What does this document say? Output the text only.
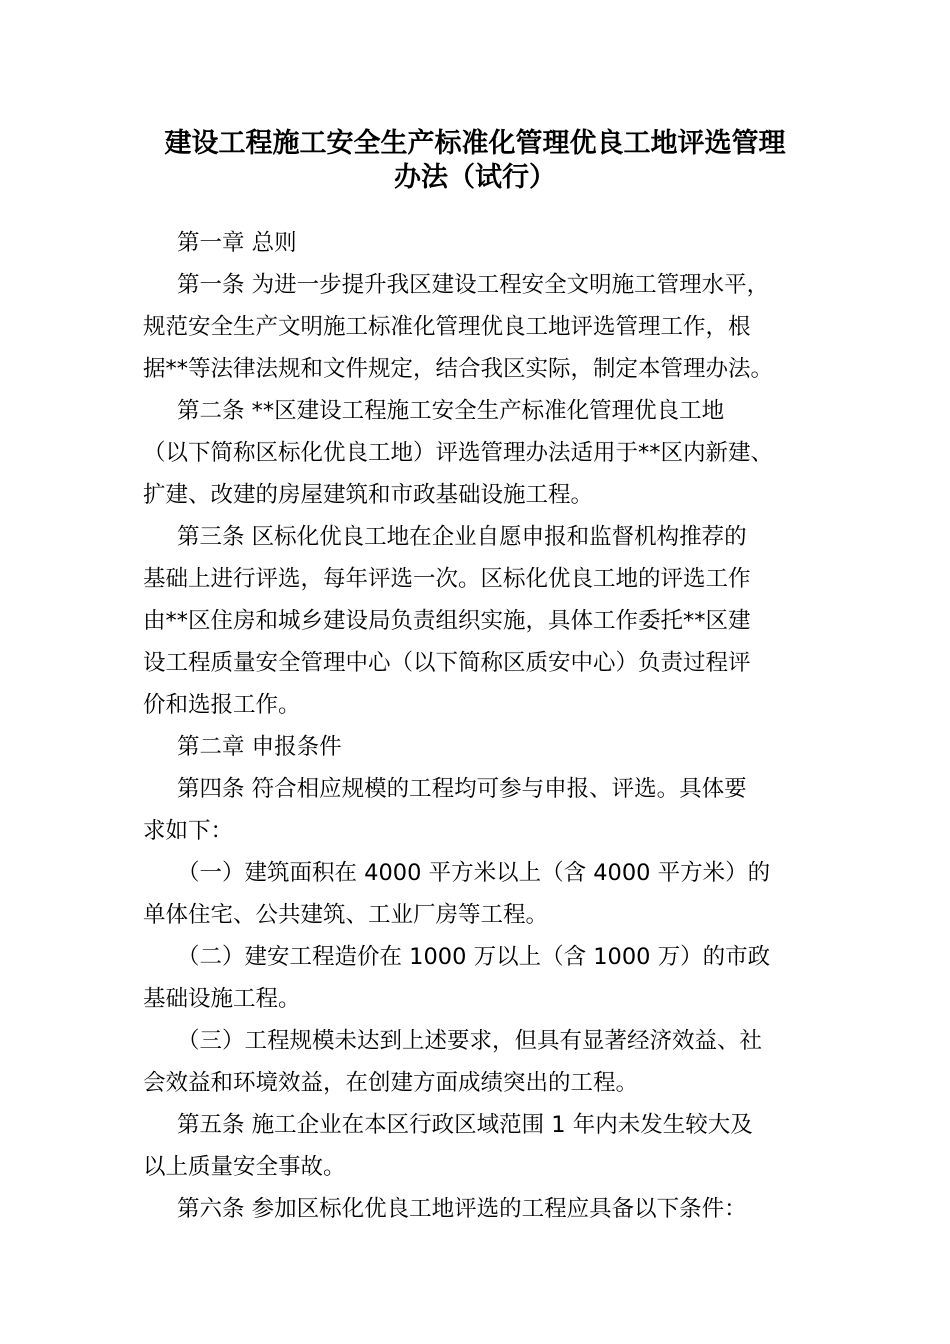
建设工程施工安全生产标准化管理优良工地评选管理
办法（试行）

第一章 总则

第一条 为进一步提升我区建设工程安全文明施工管理水平，

规范安全生产文明施工标准化管理优良工地评选管理工作，根

据**等法律法规和文件规定，结合我区实际，制定本管理办法。

第二条 **区建设工程施工安全生产标准化管理优良工地

（以下简称区标化优良工地）评选管理办法适用于**区内新建、

扩建、改建的房屋建筑和市政基础设施工程。

第三条 区标化优良工地在企业自愿申报和监督机构推荐的

基础上进行评选，每年评选一次。区标化优良工地的评选工作

由**区住房和城乡建设局负责组织实施，具体工作委托**区建

设工程质量安全管理中心（以下简称区质安中心）负责过程评

价和选报工作。

第二章 申报条件

第四条 符合相应规模的工程均可参与申报、评选。具体要

求如下：

（一）建筑面积在 4000 平方米以上（含 4000 平方米）的

单体住宅、公共建筑、工业厂房等工程。

（二）建安工程造价在 1000 万以上（含 1000 万）的市政

基础设施工程。

（三）工程规模未达到上述要求，但具有显著经济效益、社

会效益和环境效益，在创建方面成绩突出的工程。

第五条 施工企业在本区行政区域范围 1 年内未发生较大及

以上质量安全事故。

第六条 参加区标化优良工地评选的工程应具备以下条件：
